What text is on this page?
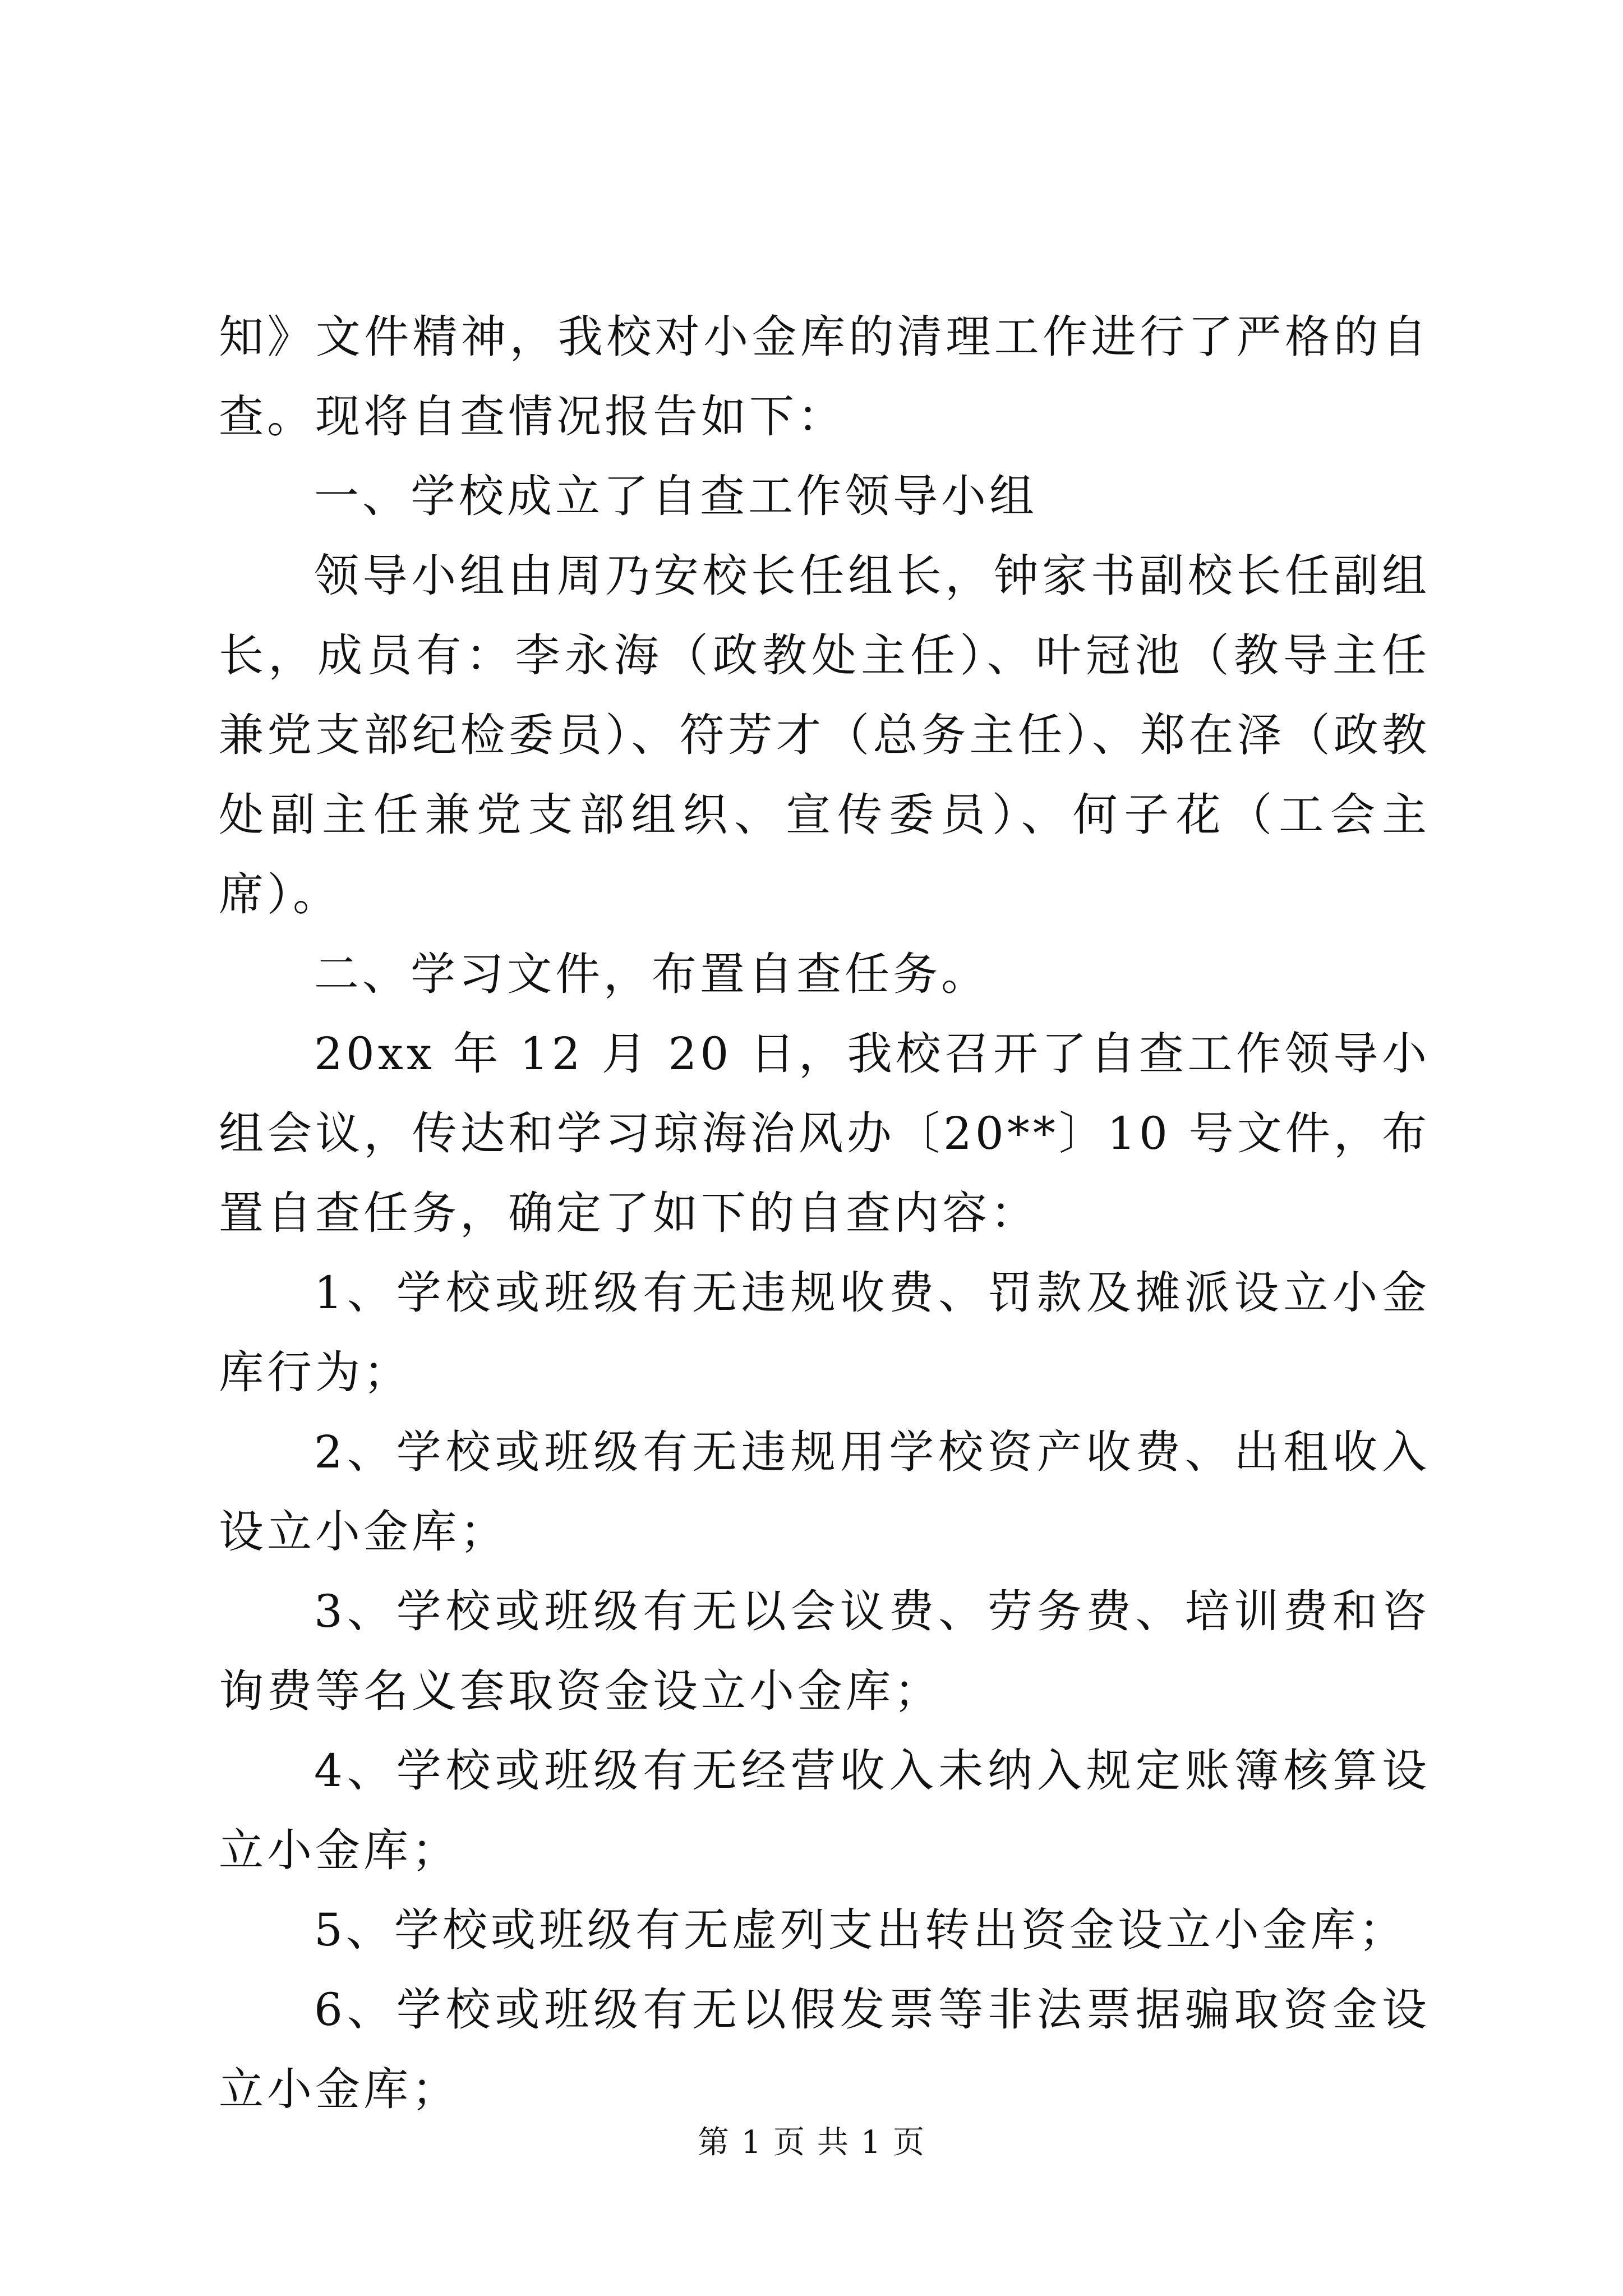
知》文件精神，我校对小金库的清理工作进行了严格的自查。现将自查情况报告如下：

一、学校成立了自查工作领导小组

领导小组由周乃安校长任组长，钟家书副校长任副组长，成员有：李永海（政教处主任）、叶冠池（教导主任兼党支部纪检委员）、符芳才（总务主任）、郑在泽（政教处副主任兼党支部组织、宣传委员）、何子花（工会主席）。

二、学习文件，布置自查任务。

20xx 年 12 月 20 日，我校召开了自查工作领导小组会议，传达和学习琼海治风办〔20**〕10 号文件，布置自查任务，确定了如下的自查内容：

1、学校或班级有无违规收费、罚款及摊派设立小金库行为；

2、学校或班级有无违规用学校资产收费、出租收入设立小金库；

3、学校或班级有无以会议费、劳务费、培训费和咨询费等名义套取资金设立小金库；

4、学校或班级有无经营收入未纳入规定账簿核算设立小金库；

5、学校或班级有无虚列支出转出资金设立小金库；

6、学校或班级有无以假发票等非法票据骗取资金设立小金库；

第 1 页 共 1 页
